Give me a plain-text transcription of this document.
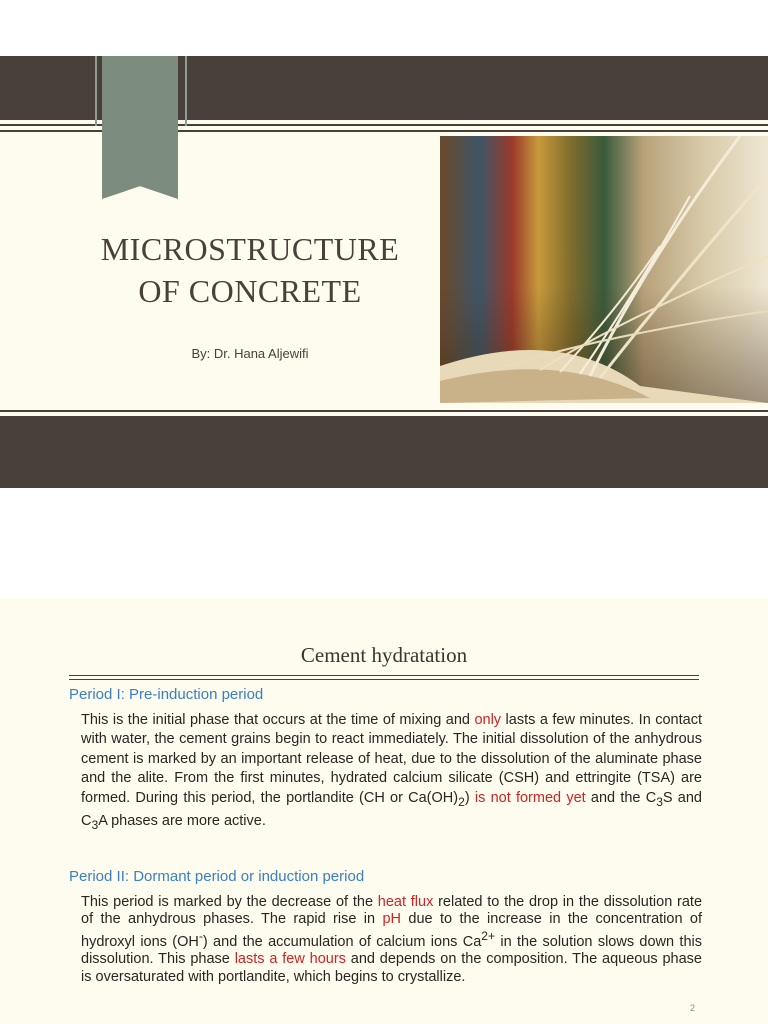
MICROSTRUCTURE
OF CONCRETE
By: Dr. Hana Aljewifi
Cement hydratation
Period I: Pre-induction period
This is the initial phase that occurs at the time of mixing and only lasts a few minutes. In contact with water, the cement grains begin to react immediately. The initial dissolution of the anhydrous cement is marked by an important release of heat, due to the dissolution of the aluminate phase and the alite. From the first minutes, hydrated calcium silicate (CSH) and ettringite (TSA) are formed. During this period, the portlandite (CH or $Ca(OH)_2$) is not formed yet and the $C_3S$ and $C_3A$ phases are more active.
Period II: Dormant period or induction period
This period is marked by the decrease of the heat flux related to the drop in the dissolution rate of the anhydrous phases. The rapid rise in pH due to the increase in the concentration of hydroxyl ions (OH-) and the accumulation of calcium ions $Ca^{2+}$ in the solution slows down this dissolution. This phase lasts a few hours and depends on the composition. The aqueous phase is oversaturated with portlandite, which begins to crystallize.
2
